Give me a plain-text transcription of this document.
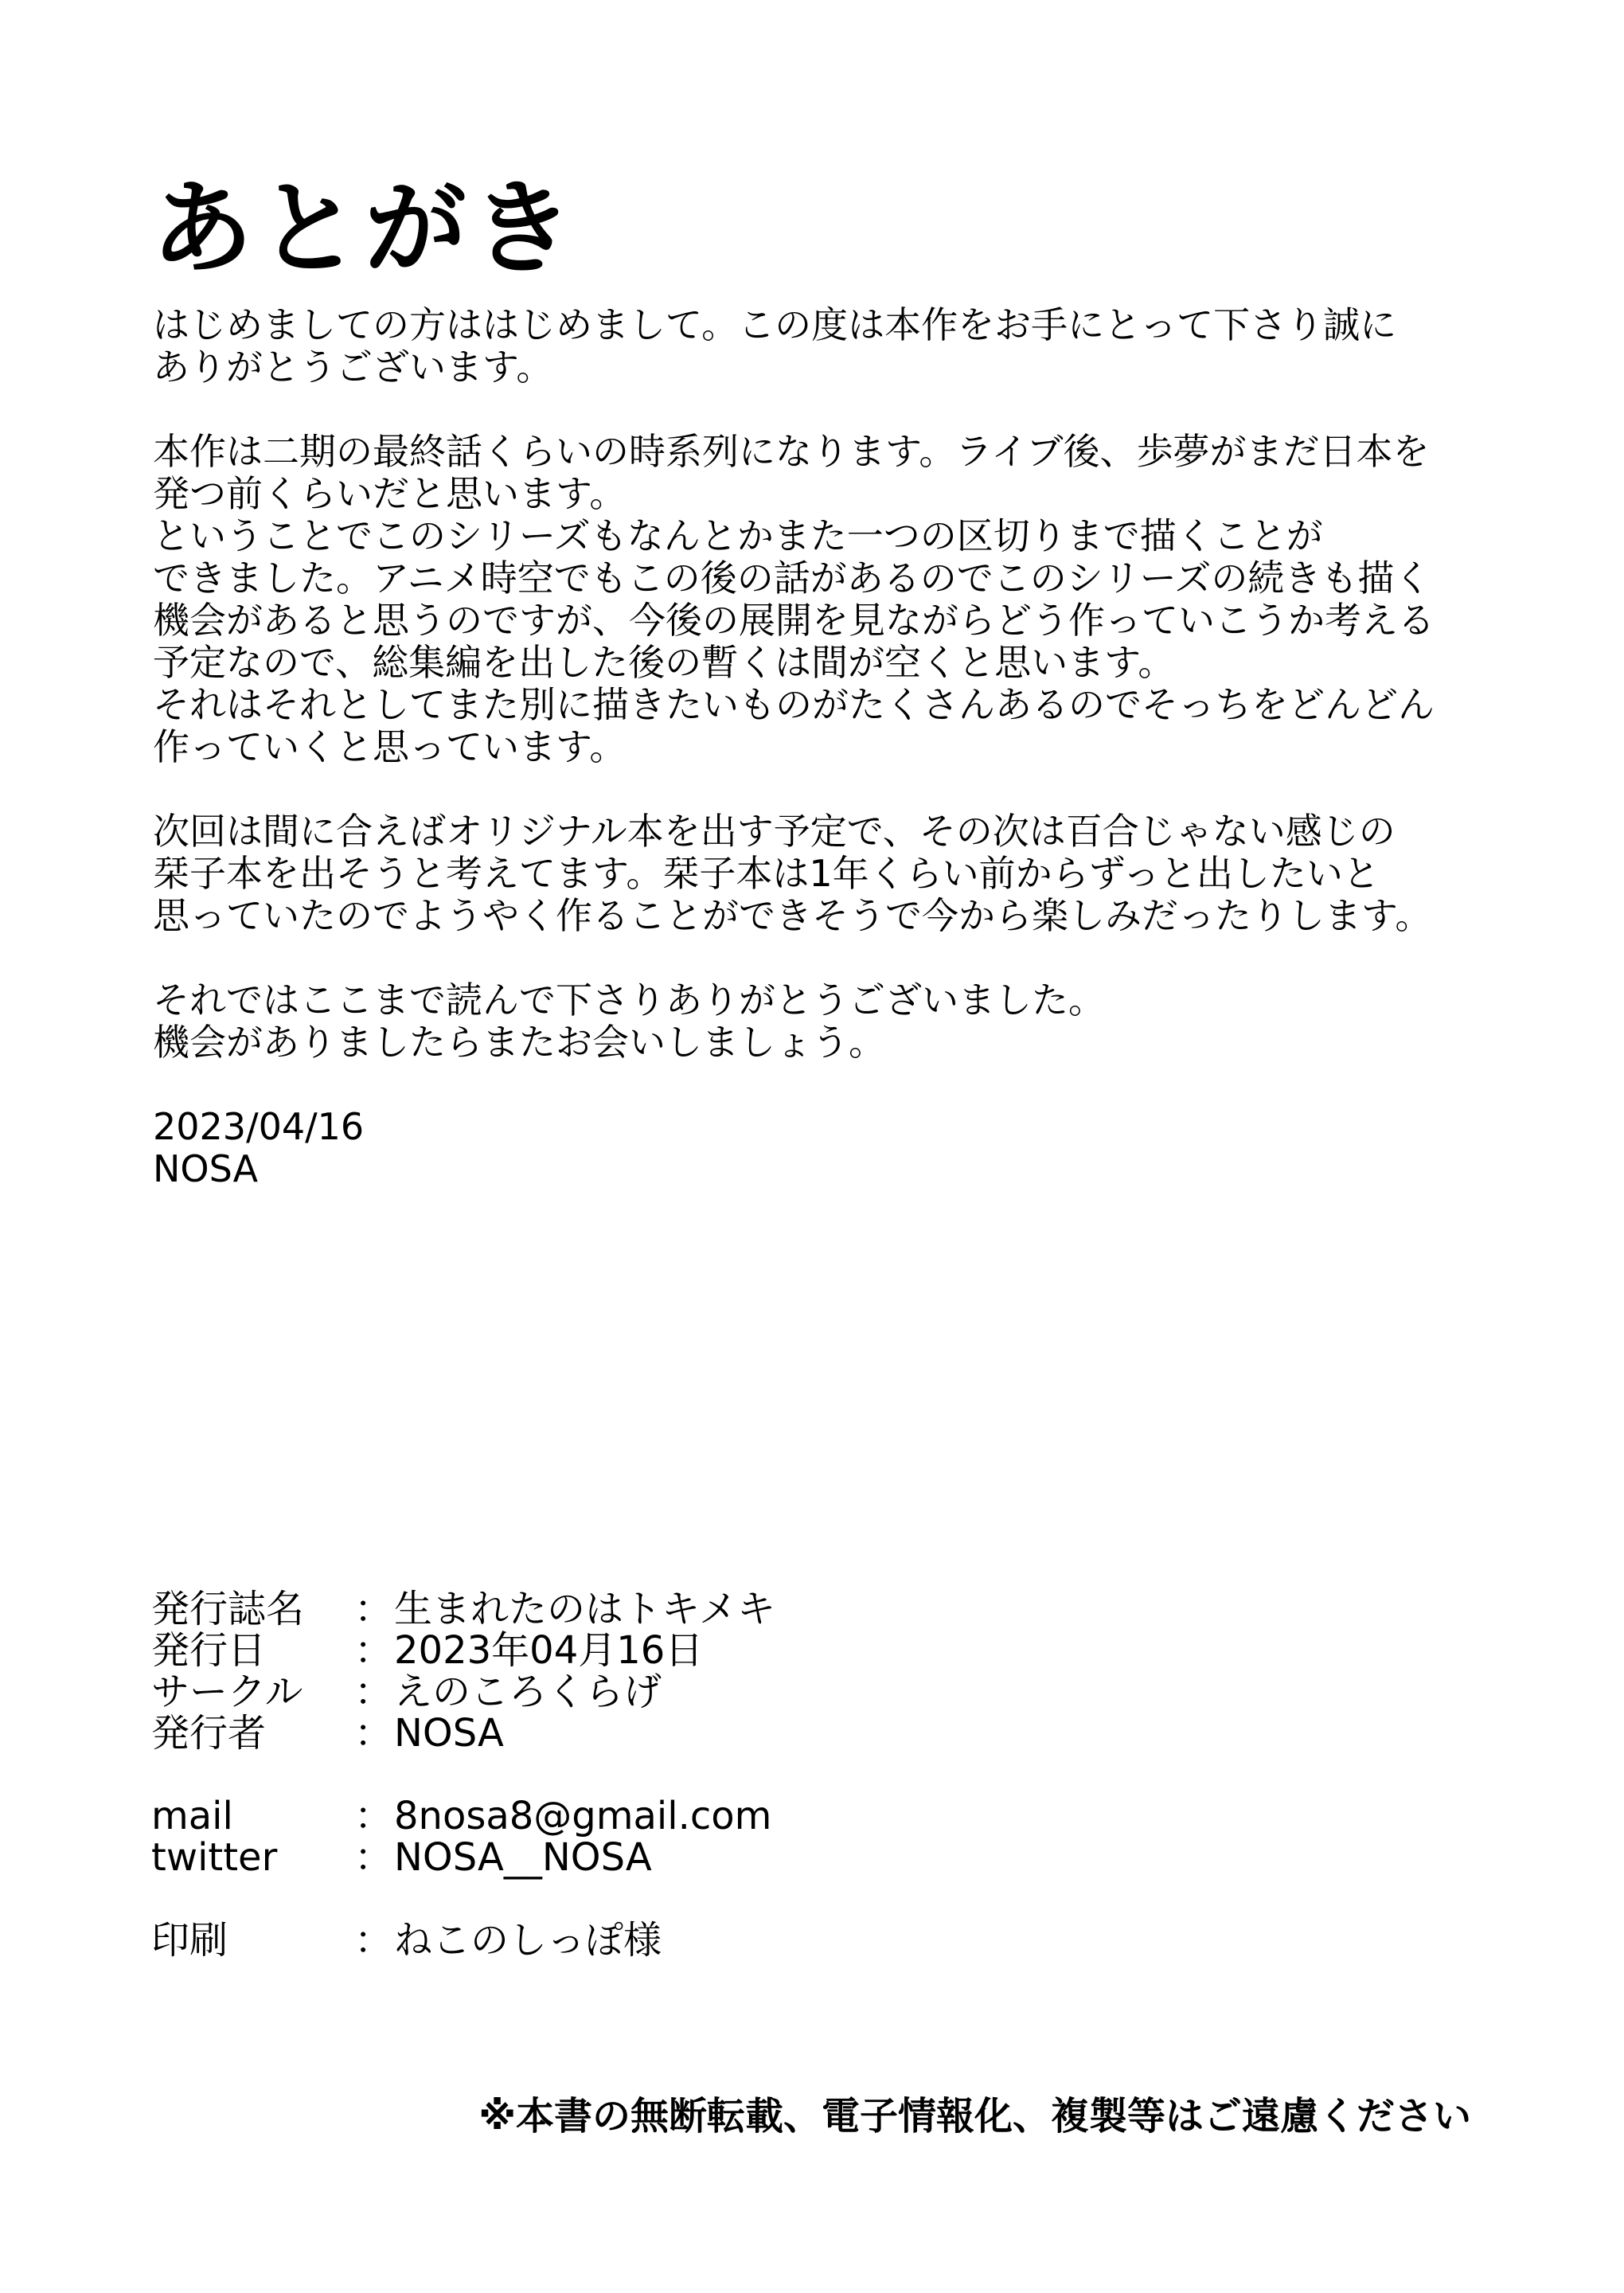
あとがき
はじめましての方ははじめまして。この度は本作をお手にとって下さり誠に
ありがとうございます。
本作は二期の最終話くらいの時系列になります。ライブ後、歩夢がまだ日本を
発つ前くらいだと思います。
ということでこのシリーズもなんとかまた一つの区切りまで描くことが
できました。アニメ時空でもこの後の話があるのでこのシリーズの続きも描く
機会があると思うのですが、今後の展開を見ながらどう作っていこうか考える
予定なので、総集編を出した後の暫くは間が空くと思います。
それはそれとしてまた別に描きたいものがたくさんあるのでそっちをどんどん
作っていくと思っています。
次回は間に合えばオリジナル本を出す予定で、その次は百合じゃない感じの
栞子本を出そうと考えてます。栞子本は1年くらい前からずっと出したいと
思っていたのでようやく作ることができそうで今から楽しみだったりします。
それではここまで読んで下さりありがとうございました。
機会がありましたらまたお会いしましょう。
2023/04/16
NOSA
発行誌名	： 生まれたのはトキメキ
発行日	： 2023年04月16日
サークル	： えのころくらげ
発行者	： NOSA
mail	： 8nosa8@gmail.com
twitter	： NOSA__NOSA
印刷	： ねこのしっぽ様
※本書の無断転載、電子情報化、複製等はご遠慮ください
